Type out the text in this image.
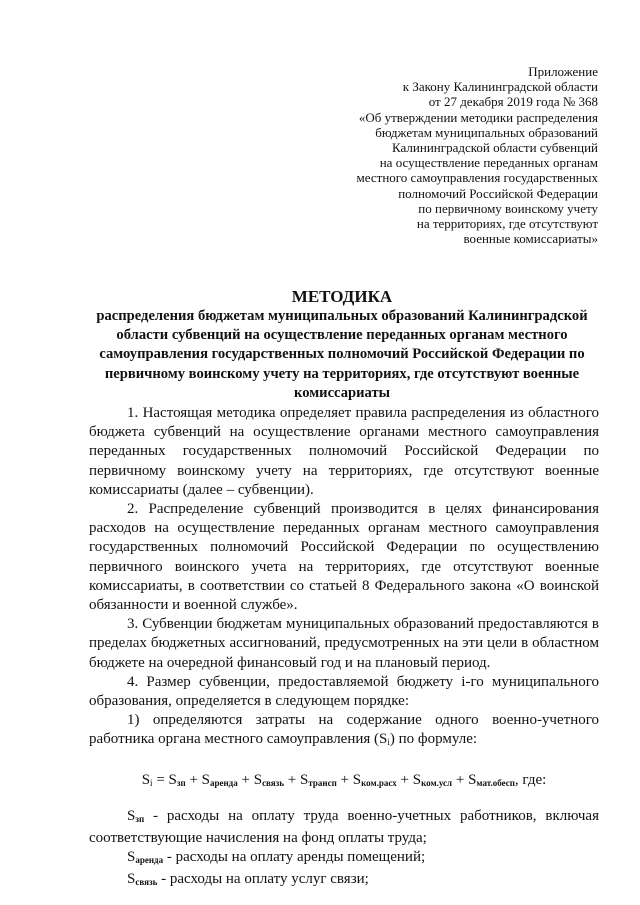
Приложение
к Закону Калининградской области
от 27 декабря 2019 года № 368
«Об утверждении методики распределения
бюджетам муниципальных образований
Калининградской области субвенций
на осуществление переданных органам
местного самоуправления государственных
полномочий Российской Федерации
по первичному воинскому учету
на территориях, где отсутствуют
военные комиссариаты»
МЕТОДИКА
распределения бюджетам муниципальных образований Калининградской области субвенций на осуществление переданных органам местного самоуправления государственных полномочий Российской Федерации по первичному воинскому учету на территориях, где отсутствуют военные комиссариаты

1. Настоящая методика определяет правила распределения из областного бюджета субвенций на осуществление органами местного самоуправления переданных государственных полномочий Российской Федерации по первичному воинскому учету на территориях, где отсутствуют военные комиссариаты (далее – субвенции).

2. Распределение субвенций производится в целях финансирования расходов на осуществление переданных органам местного самоуправления государственных полномочий Российской Федерации по осуществлению первичного воинского учета на территориях, где отсутствуют военные комиссариаты, в соответствии со статьей 8 Федерального закона «О воинской обязанности и военной службе».

3. Субвенции бюджетам муниципальных образований предоставляются в пределах бюджетных ассигнований, предусмотренных на эти цели в областном бюджете на очередной финансовый год и на плановый период.

4. Размер субвенции, предоставляемой бюджету i-го муниципального образования, определяется в следующем порядке:

1) определяются затраты на содержание одного военно-учетного работника органа местного самоуправления $(S_i)$ по формуле:

$S_i = S_{зп} + S_{аренда} + S_{связь} + S_{трансп} + S_{ком.расх} + S_{ком.усл} + S_{мат.обесп}$, где:

$S_{зп}$ - расходы на оплату труда военно-учетных работников, включая соответствующие начисления на фонд оплаты труда;

$S_{аренда}$ - расходы на оплату аренды помещений;

$S_{связь}$ - расходы на оплату услуг связи;
